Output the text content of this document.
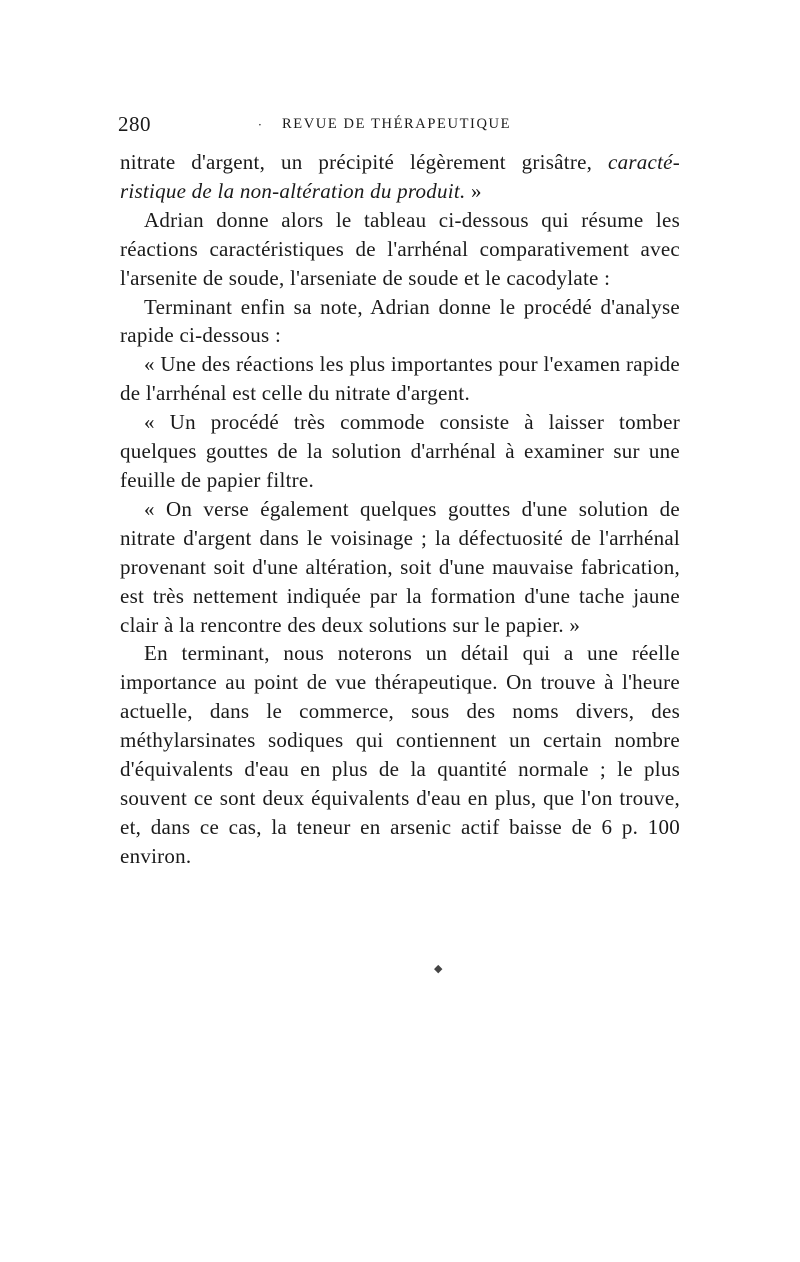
280	· REVUE DE THÉRAPEUTIQUE

nitrate d'argent, un précipité légèrement grisâtre, caracté-ristique de la non-altération du produit. »

Adrian donne alors le tableau ci-dessous qui résume les réactions caractéristiques de l'arrhénal comparativement avec l'arsenite de soude, l'arseniate de soude et le cacodylate :

Terminant enfin sa note, Adrian donne le procédé d'analyse rapide ci-dessous :

« Une des réactions les plus importantes pour l'examen rapide de l'arrhénal est celle du nitrate d'argent.

« Un procédé très commode consiste à laisser tomber quelques gouttes de la solution d'arrhénal à examiner sur une feuille de papier filtre.

« On verse également quelques gouttes d'une solution de nitrate d'argent dans le voisinage ; la défectuosité de l'arrhénal provenant soit d'une altération, soit d'une mauvaise fabrication, est très nettement indiquée par la formation d'une tache jaune clair à la rencontre des deux solutions sur le papier. »

En terminant, nous noterons un détail qui a une réelle importance au point de vue thérapeutique. On trouve à l'heure actuelle, dans le commerce, sous des noms divers, des méthylarsinates sodiques qui contiennent un certain nombre d'équivalents d'eau en plus de la quantité normale ; le plus souvent ce sont deux équivalents d'eau en plus, que l'on trouve, et, dans ce cas, la teneur en arsenic actif baisse de 6 p. 100 environ.

◆
